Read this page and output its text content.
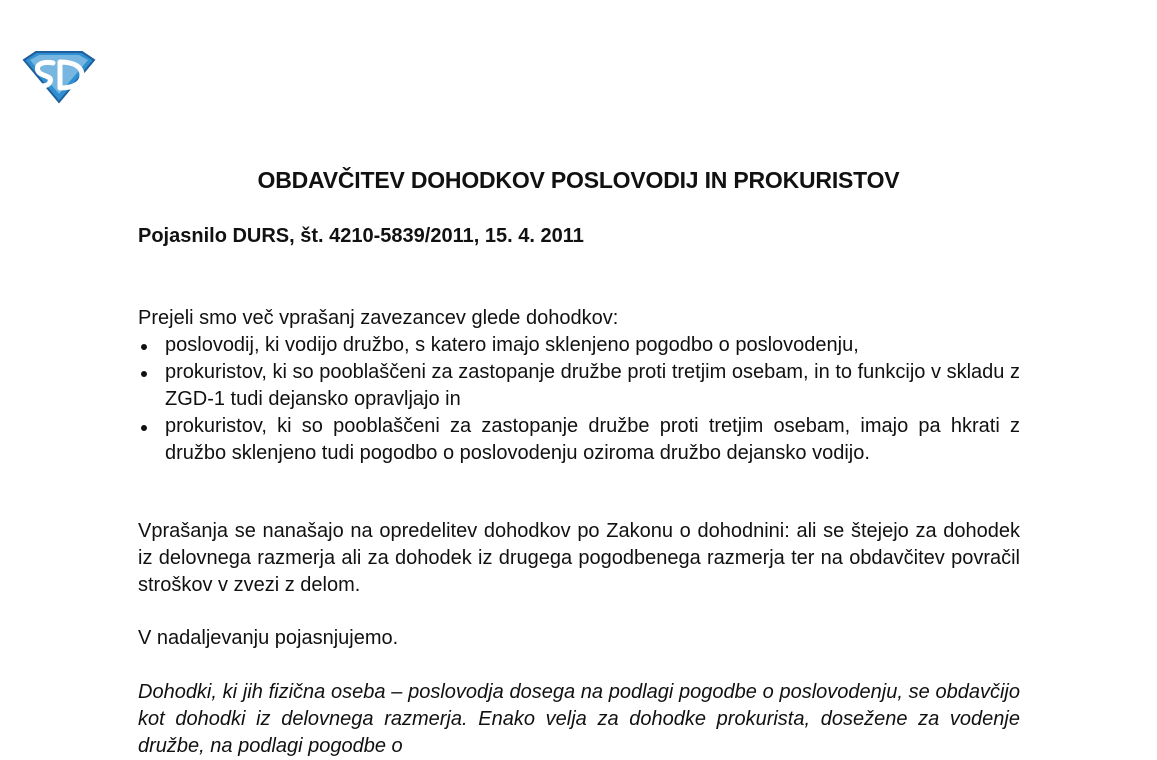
OBDAVČITEV DOHODKOV POSLOVODIJ IN PROKURISTOV
Pojasnilo DURS, št. 4210-5839/2011, 15. 4. 2011
Prejeli smo več vprašanj zavezancev glede dohodkov:
poslovodij, ki vodijo družbo, s katero imajo sklenjeno pogodbo o poslovodenju,
prokuristov, ki so pooblaščeni za zastopanje družbe proti tretjim osebam, in to funkcijo v skladu z ZGD-1 tudi dejansko opravljajo in
prokuristov, ki so pooblaščeni za zastopanje družbe proti tretjim osebam, imajo pa hkrati z družbo sklenjeno tudi pogodbo o poslovodenju oziroma družbo dejansko vodijo.
Vprašanja se nanašajo na opredelitev dohodkov po Zakonu o dohodnini: ali se štejejo za dohodek iz delovnega razmerja ali za dohodek iz drugega pogodbenega razmerja ter na obdavčitev povračil stroškov v zvezi z delom.
V nadaljevanju pojasnjujemo.
Dohodki, ki jih fizična oseba – poslovodja dosega na podlagi pogodbe o poslovodenju, se obdavčijo kot dohodki iz delovnega razmerja. Enako velja za dohodke prokurista, dosežene za vodenje družbe, na podlagi pogodbe o
